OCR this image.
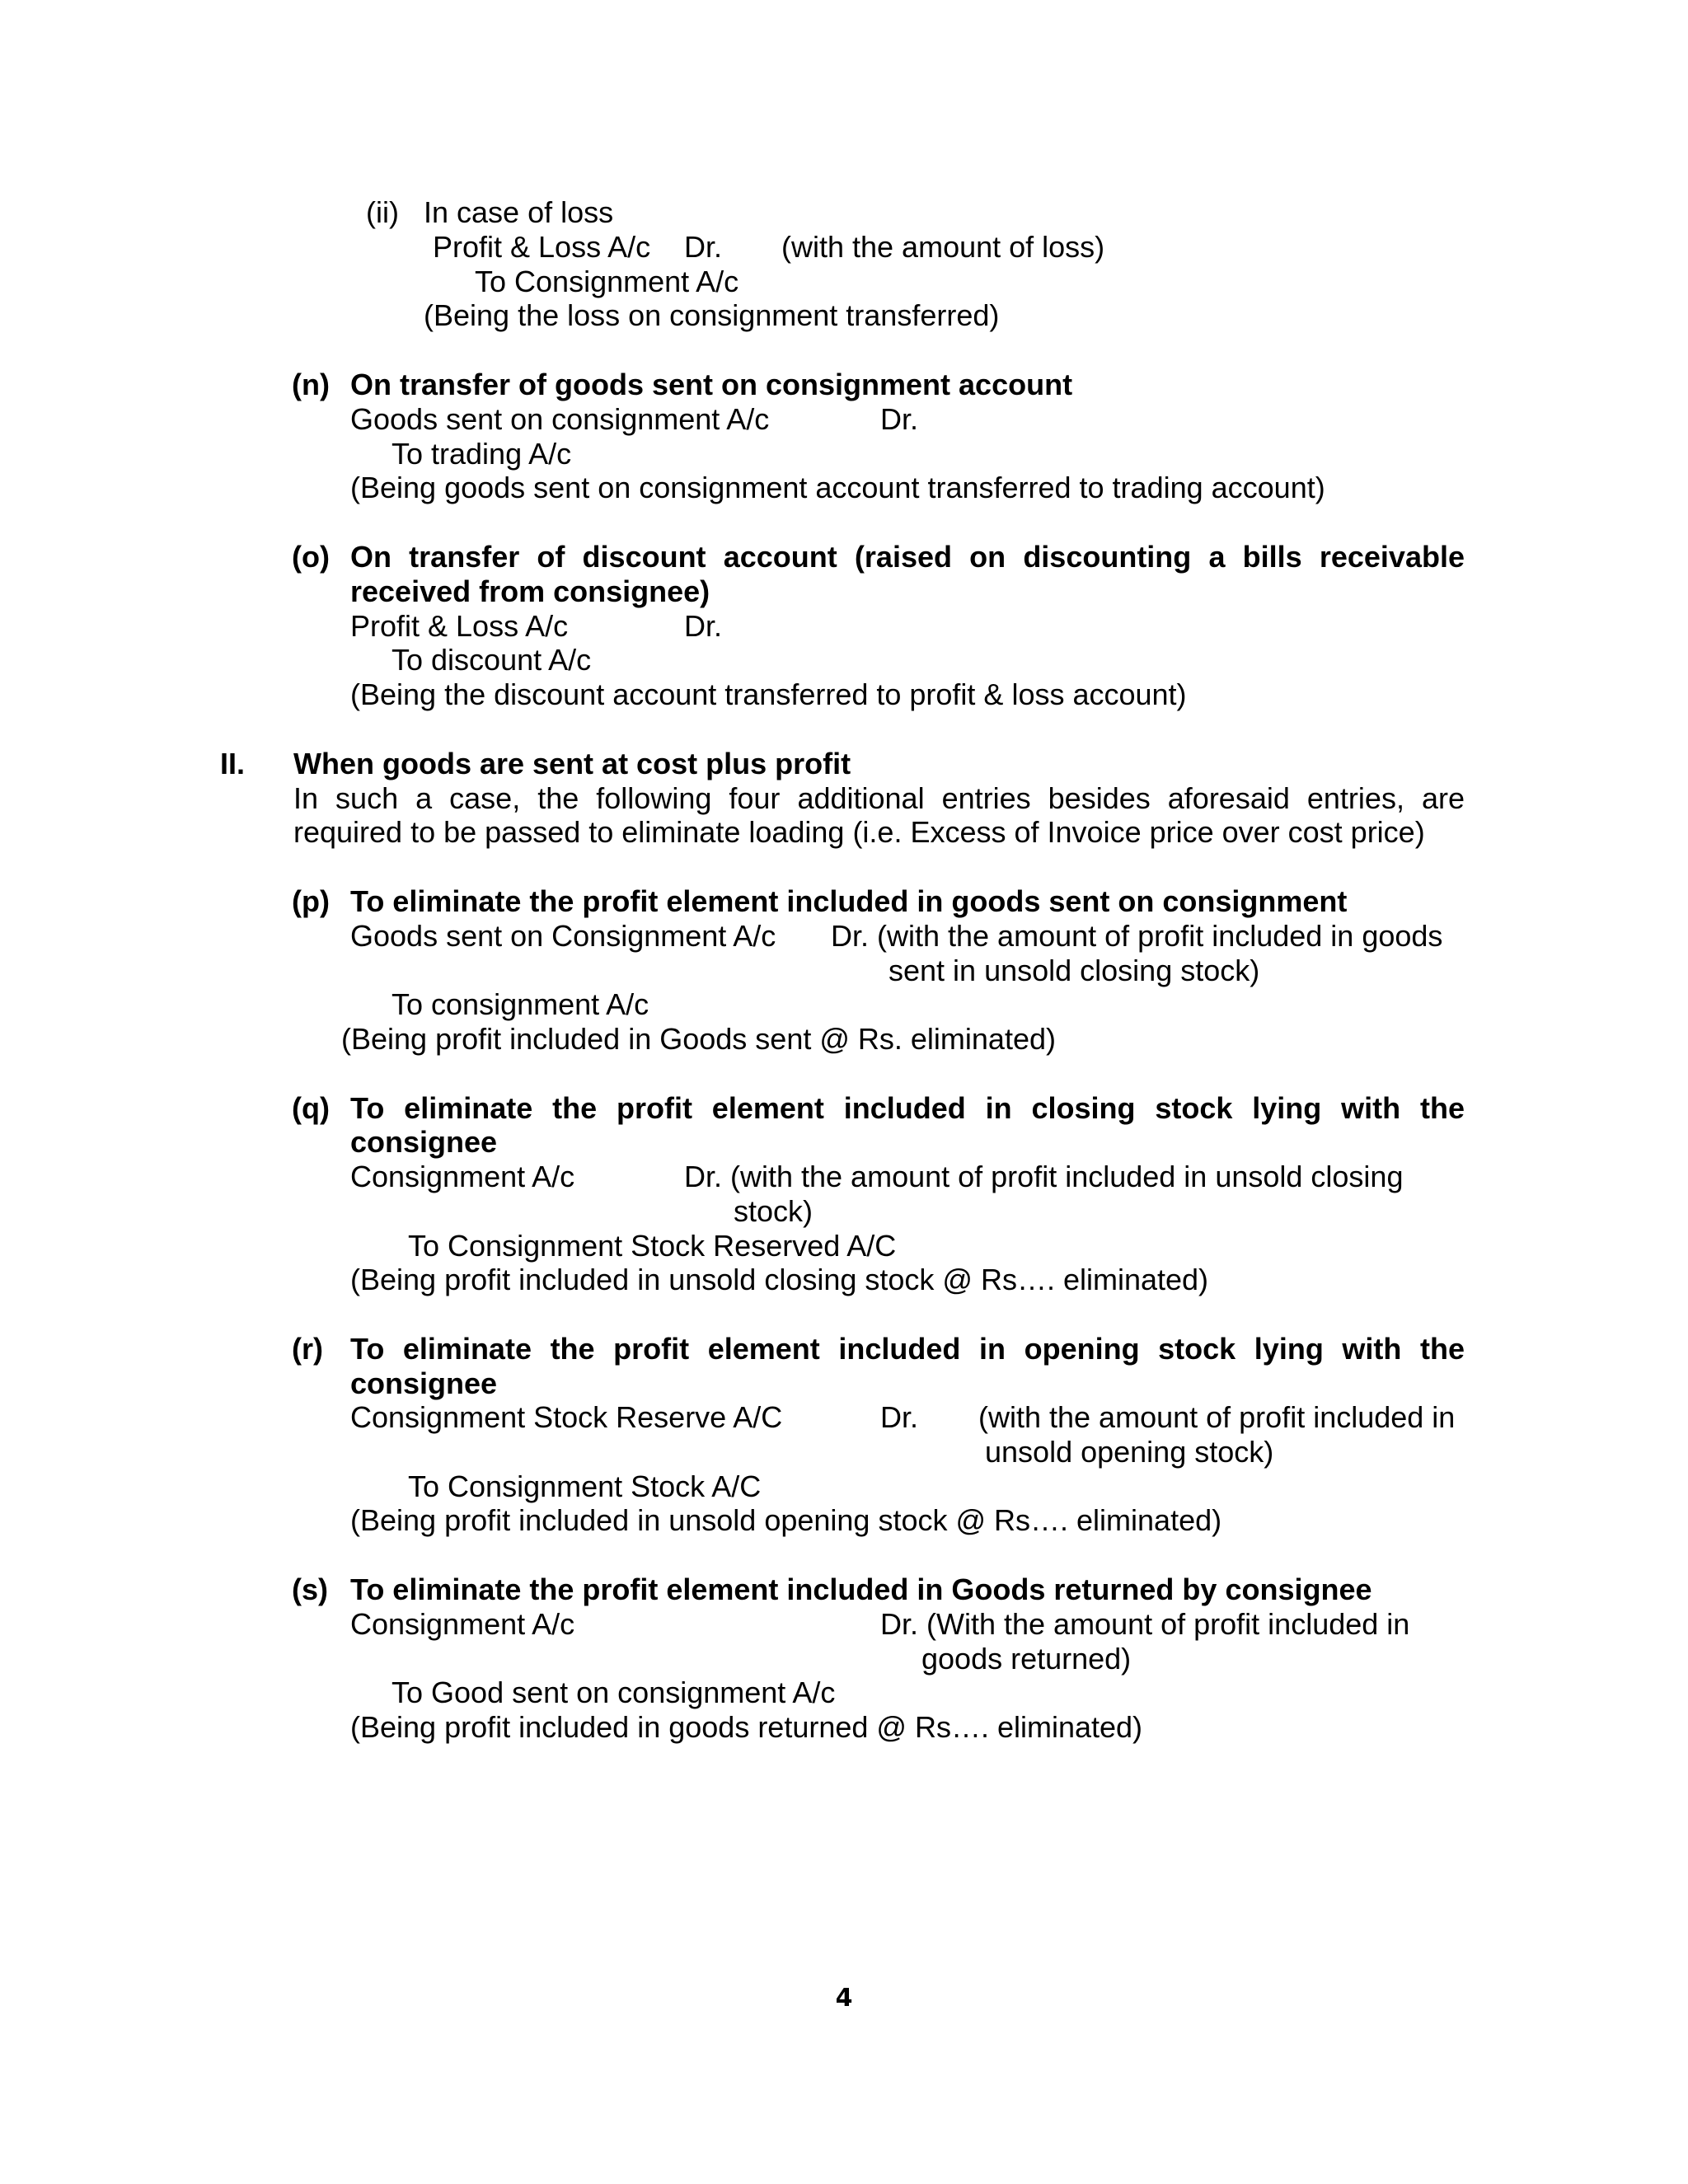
(ii) In case of loss
Profit & Loss A/c Dr. (with the amount of loss)
To Consignment A/c
(Being the loss on consignment transferred)
(n) On transfer of goods sent on consignment account
Goods sent on consignment A/c	Dr.
To trading A/c
(Being goods sent on consignment account transferred to trading account)
(o) On transfer of discount account (raised on discounting a bills receivable
received from consignee)
Profit & Loss A/c	Dr.
To discount A/c
(Being the discount account transferred to profit & loss account)
II. When goods are sent at cost plus profit
In such a case, the following four additional entries besides aforesaid entries, are
required to be passed to eliminate loading (i.e. Excess of Invoice price over cost price)
(p) To eliminate the profit element included in goods sent on consignment
Goods sent on Consignment A/c Dr. (with the amount of profit included in goods
sent in unsold closing stock)
To consignment A/c
(Being profit included in Goods sent @ Rs. eliminated)
(q) To eliminate the profit element included in closing stock lying with the
consignee
Consignment A/c	Dr. (with the amount of profit included in unsold closing
stock)
To Consignment Stock Reserved A/C
(Being profit included in unsold closing stock @ Rs…. eliminated)
(r) To eliminate the profit element included in opening stock lying with the
consignee
Consignment Stock Reserve A/C	Dr. (with the amount of profit included in
unsold opening stock)
To Consignment Stock A/C
(Being profit included in unsold opening stock @ Rs…. eliminated)
(s) To eliminate the profit element included in Goods returned by consignee
Consignment A/c	Dr. (With the amount of profit included in
goods returned)
To Good sent on consignment A/c
(Being profit included in goods returned @ Rs…. eliminated)
4
